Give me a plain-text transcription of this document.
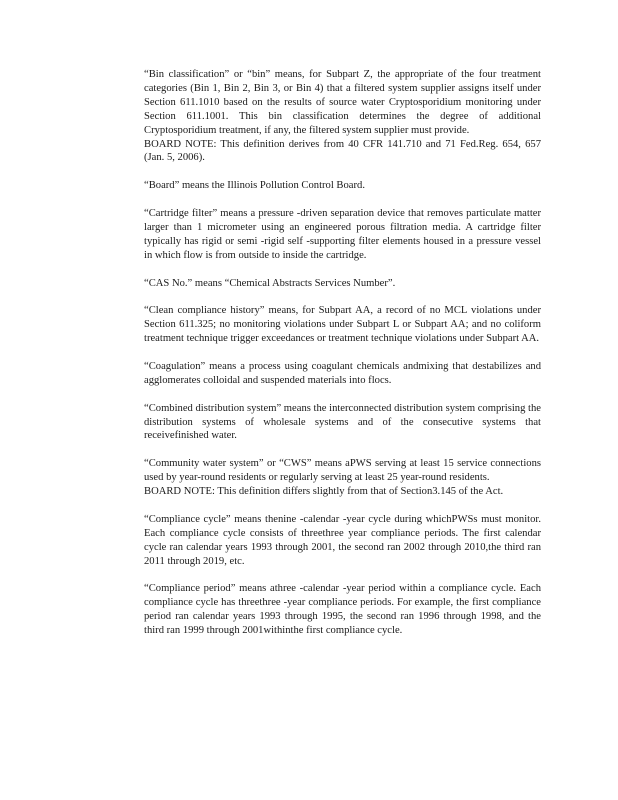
“Bin classification” or “bin” means, for Subpart Z, the appropriate of the four treatment categories (Bin 1, Bin 2, Bin 3, or Bin 4) that a filtered system supplier assigns itself under Section 611.1010 based on the results of source water Cryptosporidium monitoring under Section 611.1001. This bin classification determines the degree of additional Cryptosporidium treatment, if any, the filtered system supplier must provide.

BOARD NOTE: This definition derives from 40 CFR 141.710 and 71 Fed.Reg. 654, 657 (Jan. 5, 2006).

“Board” means the Illinois Pollution Control Board.

“Cartridge filter” means a pressure -driven separation device that removes particulate matter larger than 1 micrometer using an engineered porous filtration media. A cartridge filter typically has rigid or semi -rigid self -supporting filter elements housed in a pressure vessel in which flow is from outside to inside the cartridge.

“CAS No.” means “Chemical Abstracts Services Number”.

“Clean compliance history” means, for Subpart AA, a record of no MCL violations under Section 611.325; no monitoring violations under Subpart L or Subpart AA; and no coliform treatment technique trigger exceedances or treatment technique violations under Subpart AA.

“Coagulation” means a process using coagulant chemicals andmixing that destabilizes and agglomerates colloidal and suspended materials into flocs.

“Combined distribution system” means the interconnected distribution system comprising the distribution systems of wholesale systems and of the consecutive systems that receivefinished water.

“Community water system” or “CWS” means aPWS serving at least 15 service connections used by year-round residents or regularly serving at least 25 year-round residents.

BOARD NOTE: This definition differs slightly from that of Section3.145 of the Act.

“Compliance cycle” means thenine -calendar -year cycle during whichPWSs must monitor. Each compliance cycle consists of threethree year compliance periods. The first calendar cycle ran calendar years 1993 through 2001, the second ran 2002 through 2010,the third ran 2011 through 2019, etc.

“Compliance period” means athree -calendar -year period within a compliance cycle. Each compliance cycle has threethree -year compliance periods. For example, the first compliance period ran calendar years 1993 through 1995, the second ran 1996 through 1998, and the third ran 1999 through 2001withinthe first compliance cycle.
